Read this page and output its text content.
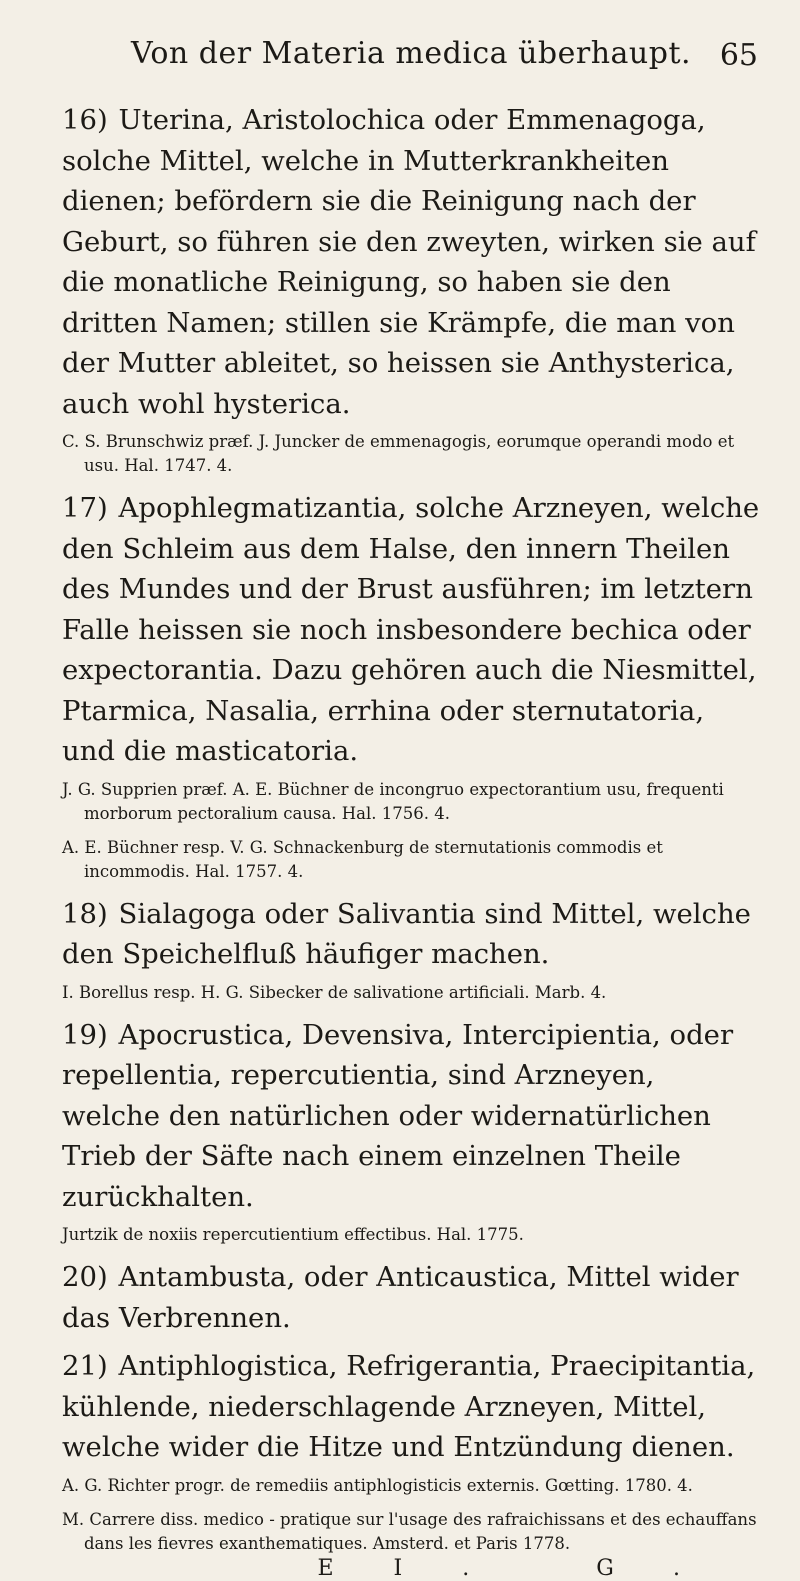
Von der Materia medica überhaupt. 65

16) Uterina, Aristolochica oder Emmenagoga, solche Mittel, welche in Mutterkrankheiten dienen; befördern sie die Reinigung nach der Geburt, so führen sie den zweyten, wirken sie auf die monatliche Reinigung, so haben sie den dritten Namen; stillen sie Krämpfe, die man von der Mutter ableitet, so heissen sie Anthysterica, auch wohl hysterica.

C. S. Brunschwiz præf. J. Juncker de emmenagogis, eorumque operandi modo et usu. Hal. 1747. 4.

17) Apophlegmatizantia, solche Arzneyen, welche den Schleim aus dem Halse, den innern Theilen des Mundes und der Brust ausführen; im letztern Falle heissen sie noch insbesondere bechica oder expectorantia. Dazu gehören auch die Niesmittel, Ptarmica, Nasalia, errhina oder sternutatoria, und die masticatoria.

J. G. Supprien præf. A. E. Büchner de incongruo expectorantium usu, frequenti morborum pectoralium causa. Hal. 1756. 4.
A. E. Büchner resp. V. G. Schnackenburg de sternutationis commodis et incommodis. Hal. 1757. 4.

18) Sialagoga oder Salivantia sind Mittel, welche den Speichelfluß häufiger machen.

I. Borellus resp. H. G. Sibecker de salivatione artificiali. Marb. 4.

19) Apocrustica, Devensiva, Intercipientia, oder repellentia, repercutientia, sind Arzneyen, welche den natürlichen oder widernatürlichen Trieb der Säfte nach einem einzelnen Theile zurückhalten.

Jurtzik de noxiis repercutientium effectibus. Hal. 1775.

20) Antambusta, oder Anticaustica, Mittel wider das Verbrennen.

21) Antiphlogistica, Refrigerantia, Praecipitantia, kühlende, niederschlagende Arzneyen, Mittel, welche wider die Hitze und Entzündung dienen.

A. G. Richter progr. de remediis antiphlogisticis externis. Gœtting. 1780. 4.
M. Carrere diss. medico - pratique sur l'usage des rafraichissans et des echauffans dans les fievres exanthematiques. Amsterd. et Paris 1778.
EI. G.
